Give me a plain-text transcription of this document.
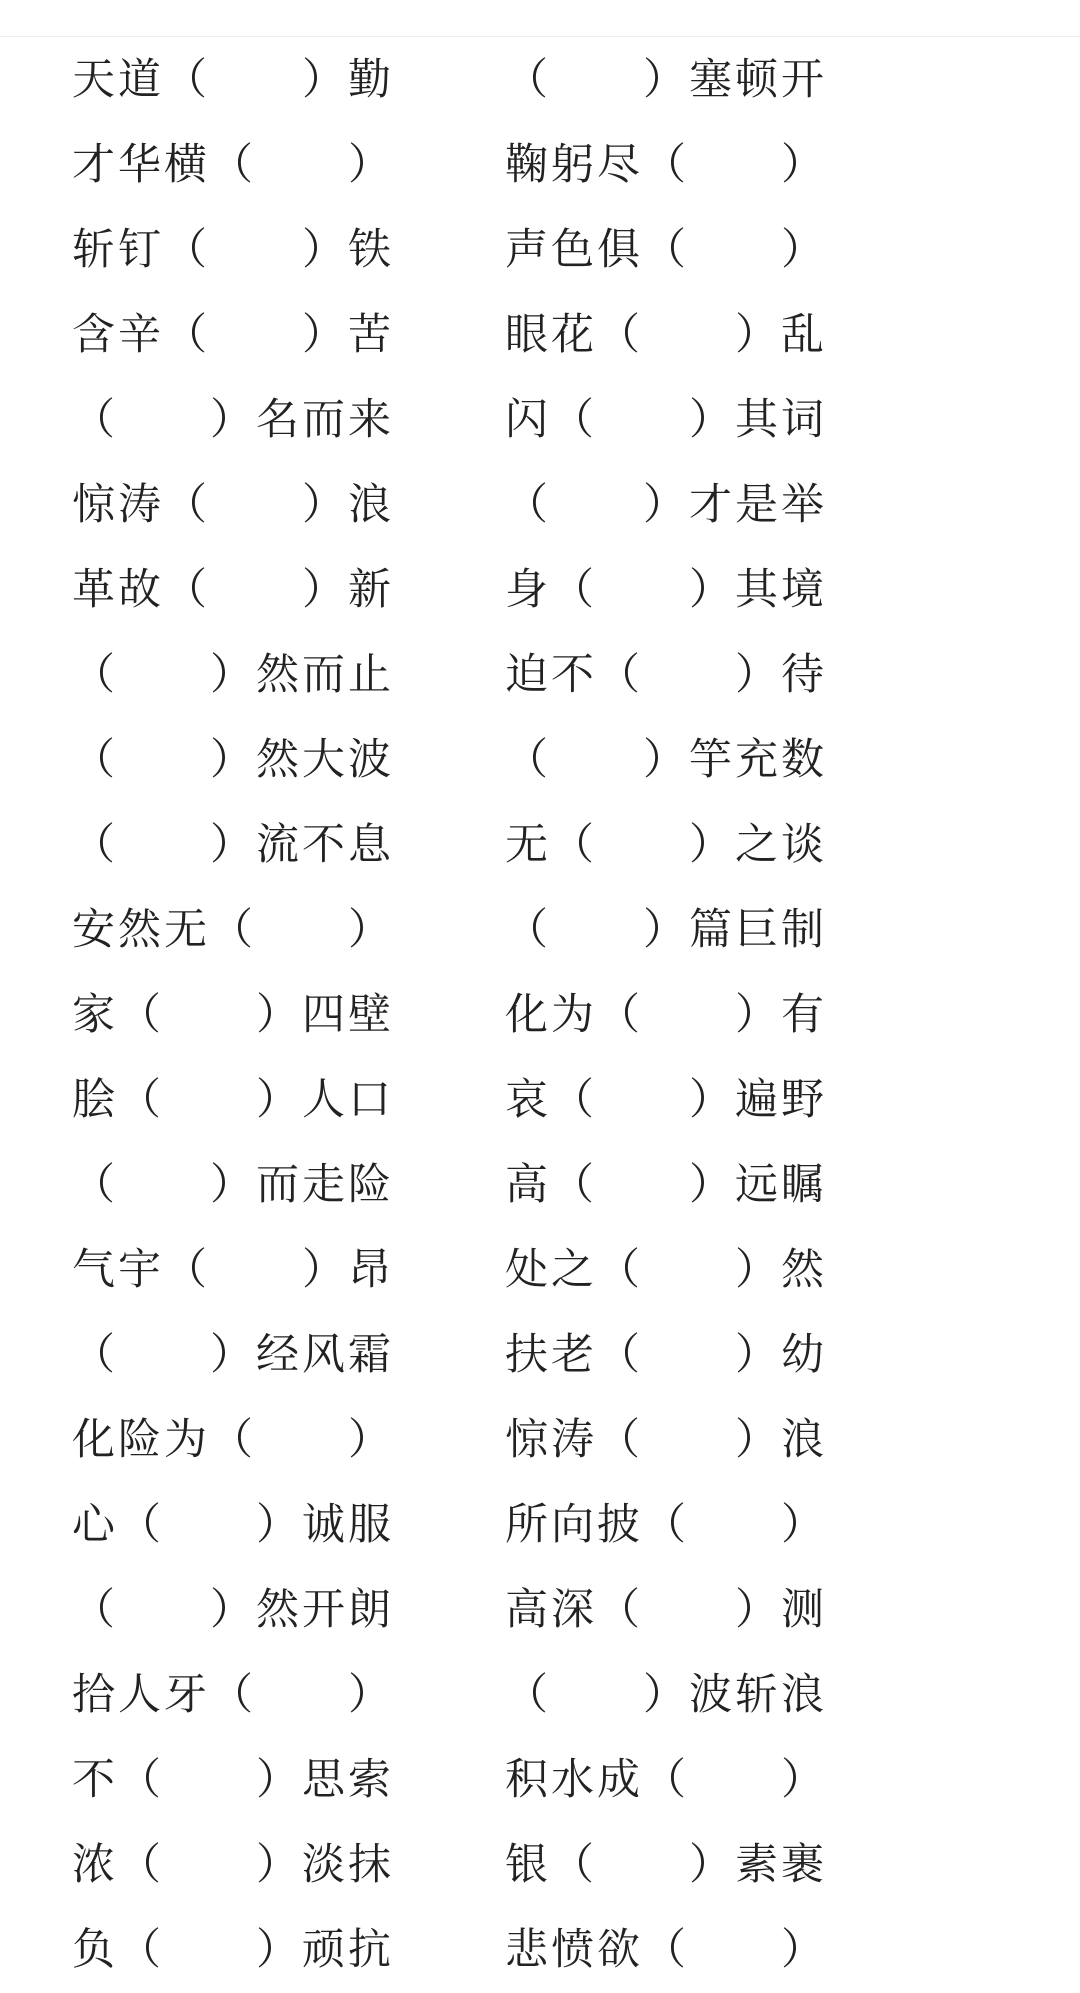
天道（　　）勤	（　　）塞顿开
才华横（　　）	鞠躬尽（　　）
斩钉（　　）铁	声色俱（　　）
含辛（　　）苦	眼花（　　）乱
（　　）名而来	闪（　　）其词
惊涛（　　）浪	（　　）才是举
革故（　　）新	身（　　）其境
（　　）然而止	迫不（　　）待
（　　）然大波	（　　）竽充数
（　　）流不息	无（　　）之谈
安然无（　　）	（　　）篇巨制
家（　　）四壁	化为（　　）有
脍（　　）人口	哀（　　）遍野
（　　）而走险	高（　　）远瞩
气宇（　　）昂	处之（　　）然
（　　）经风霜	扶老（　　）幼
化险为（　　）	惊涛（　　）浪
心（　　）诚服	所向披（　　）
（　　）然开朗	高深（　　）测
拾人牙（　　）	（　　）波斩浪
不（　　）思索	积水成（　　）
浓（　　）淡抹	银（　　）素裹
负（　　）顽抗	悲愤欲（　　）
